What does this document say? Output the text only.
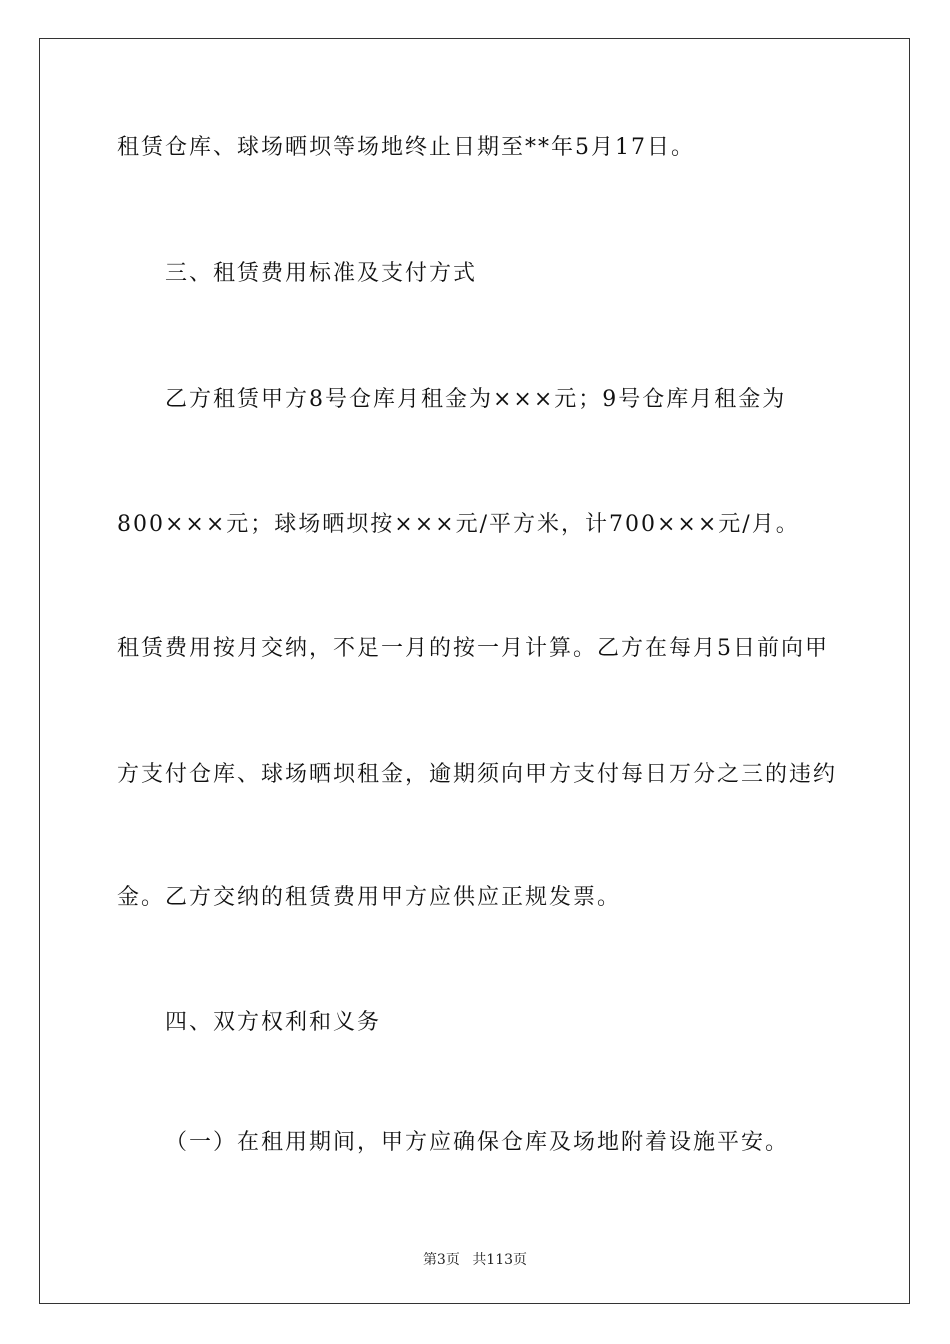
租赁仓库、球场晒坝等场地终止日期至**年5月17日。
三、租赁费用标准及支付方式
乙方租赁甲方8号仓库月租金为×××元；9号仓库月租金为
800×××元；球场晒坝按×××元/平方米，计700×××元/月。
租赁费用按月交纳，不足一月的按一月计算。乙方在每月5日前向甲
方支付仓库、球场晒坝租金，逾期须向甲方支付每日万分之三的违约
金。乙方交纳的租赁费用甲方应供应正规发票。
四、双方权利和义务
（一）在租用期间，甲方应确保仓库及场地附着设施平安。
第3页 共113页
